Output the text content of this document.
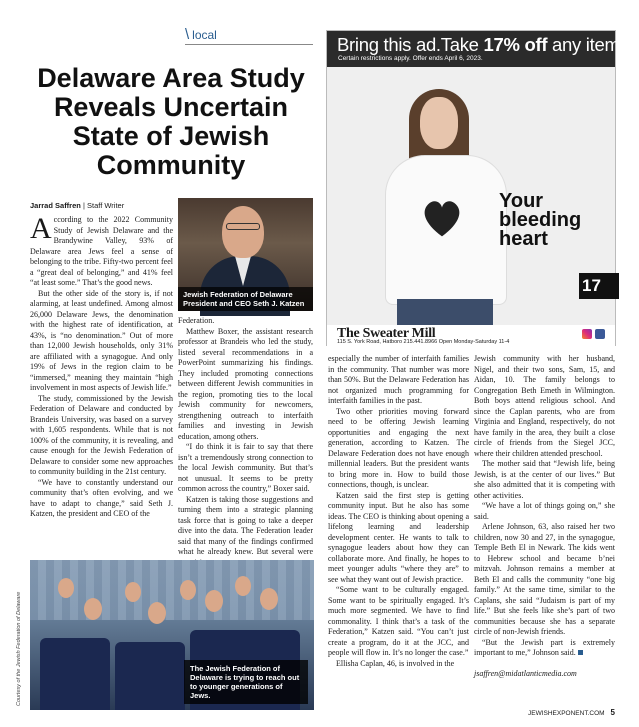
\ local
Delaware Area Study Reveals Uncertain State of Jewish Community
Jarrad Saffren | Staff Writer

According to the 2022 Community Study of Jewish Delaware and the Brandywine Valley, 93% of Delaware area Jews feel a sense of belonging to the tribe. Fifty-two percent feel a “great deal of belonging,” and 41% feel “at least some.” That’s the good news.

But the other side of the story is, if not alarming, at least undefined. Among almost 26,000 Delaware Jews, the denomination with the highest rate of identification, at 43%, is “no denomination.” Out of more than 12,000 Jewish households, only 31% are affiliated with a synagogue. And only 19% of Jews in the region claim to be “immersed,” meaning they maintain “high involvement in most aspects of Jewish life.”

The study, commissioned by the Jewish Federation of Delaware and conducted by Brandeis University, was based on a survey with 1,605 respondents. While that is not 100% of the community, it is revealing, and cause enough for the Jewish Federation of Delaware to consider some new approaches to community building in the 21st century.

“We have to constantly understand our community that’s often evolving, and we have to adapt to change,” said Seth J. Katzen, the president and CEO of the

Jewish Federation of Delaware President and CEO Seth J. Katzen

Federation.

Matthew Boxer, the assistant research professor at Brandeis who led the study, listed several recommendations in a PowerPoint summarizing his findings. They included promoting connections between different Jewish communities in the region, promoting ties to the local Jewish community for newcomers, strengthening outreach to interfaith families and investing in Jewish education, among others.

“I do think it is fair to say that there isn’t a tremendously strong connection to the local Jewish community. But that’s not unusual. It seems to be pretty common across the country,” Boxer said.

Katzen is taking those suggestions and turning them into a strategic planning task force that is going to take a deeper dive into the data. The Federation leader said that many of the findings confirmed what he already knew. But several were

Bring this ad.Take 17% off any item.
Certain restrictions apply. Offer ends April 6, 2023.
Your
bleeding
heart
17
The Sweater Mill
115 S. York Road, Hatboro 215.441.8966 Open Monday-Saturday 11-4

especially the number of interfaith families in the community. That number was more than 50%. But the Delaware Federation has not organized much programming for interfaith families in the past.

Two other priorities moving forward need to be offering Jewish learning opportunities and engaging the next generation, according to Katzen. The Delaware Federation does not have enough millennial leaders. But the president wants to bring more in. How to build those connections, though, is unclear.

Katzen said the first step is getting community input. But he also has some ideas. The CEO is thinking about opening a lifelong learning and leadership development center. He wants to talk to synagogue leaders about how they can collaborate more. And finally, he hopes to meet younger adults “where they are” to see what they want out of Jewish practice.

“Some want to be culturally engaged. Some want to be spiritually engaged. It’s much more segmented. We have to find commonality. I think that’s a task of the Federation,” Katzen said. “You can’t just create a program, do it at the JCC, and people will flow in. It’s no longer the case.”

Ellisha Caplan, 46, is involved in the

Jewish community with her husband, Nigel, and their two sons, Sam, 15, and Aidan, 10. The family belongs to Congregation Beth Emeth in Wilmington. Both boys attend religious school. And since the Caplan parents, who are from Virginia and England, respectively, do not have family in the area, they built a close circle of friends from the Siegel JCC, where their children attended preschool.

The mother said that “Jewish life, being Jewish, is at the center of our lives.” But she also admitted that it is competing with other activities.

“We have a lot of things going on,” she said.

Arlene Johnson, 63, also raised her two children, now 30 and 27, in the synagogue, Temple Beth El in Newark. The kids went to Hebrew school and became b’nei mitzvah. Johnson remains a member at Beth El and calls the community “one big family.” At the same time, similar to the Caplans, she said “Judaism is part of my life.” But she feels like she’s part of two communities because she has a separate circle of non-Jewish friends.

“But the Jewish part is extremely important to me,” Johnson said.

jsaffren@midatlanticmedia.com

The Jewish Federation of Delaware is trying to reach out to younger generations of Jews.
Courtesy of the Jewish Federation of Delaware
JEWISHEXPONENT.COM 5
